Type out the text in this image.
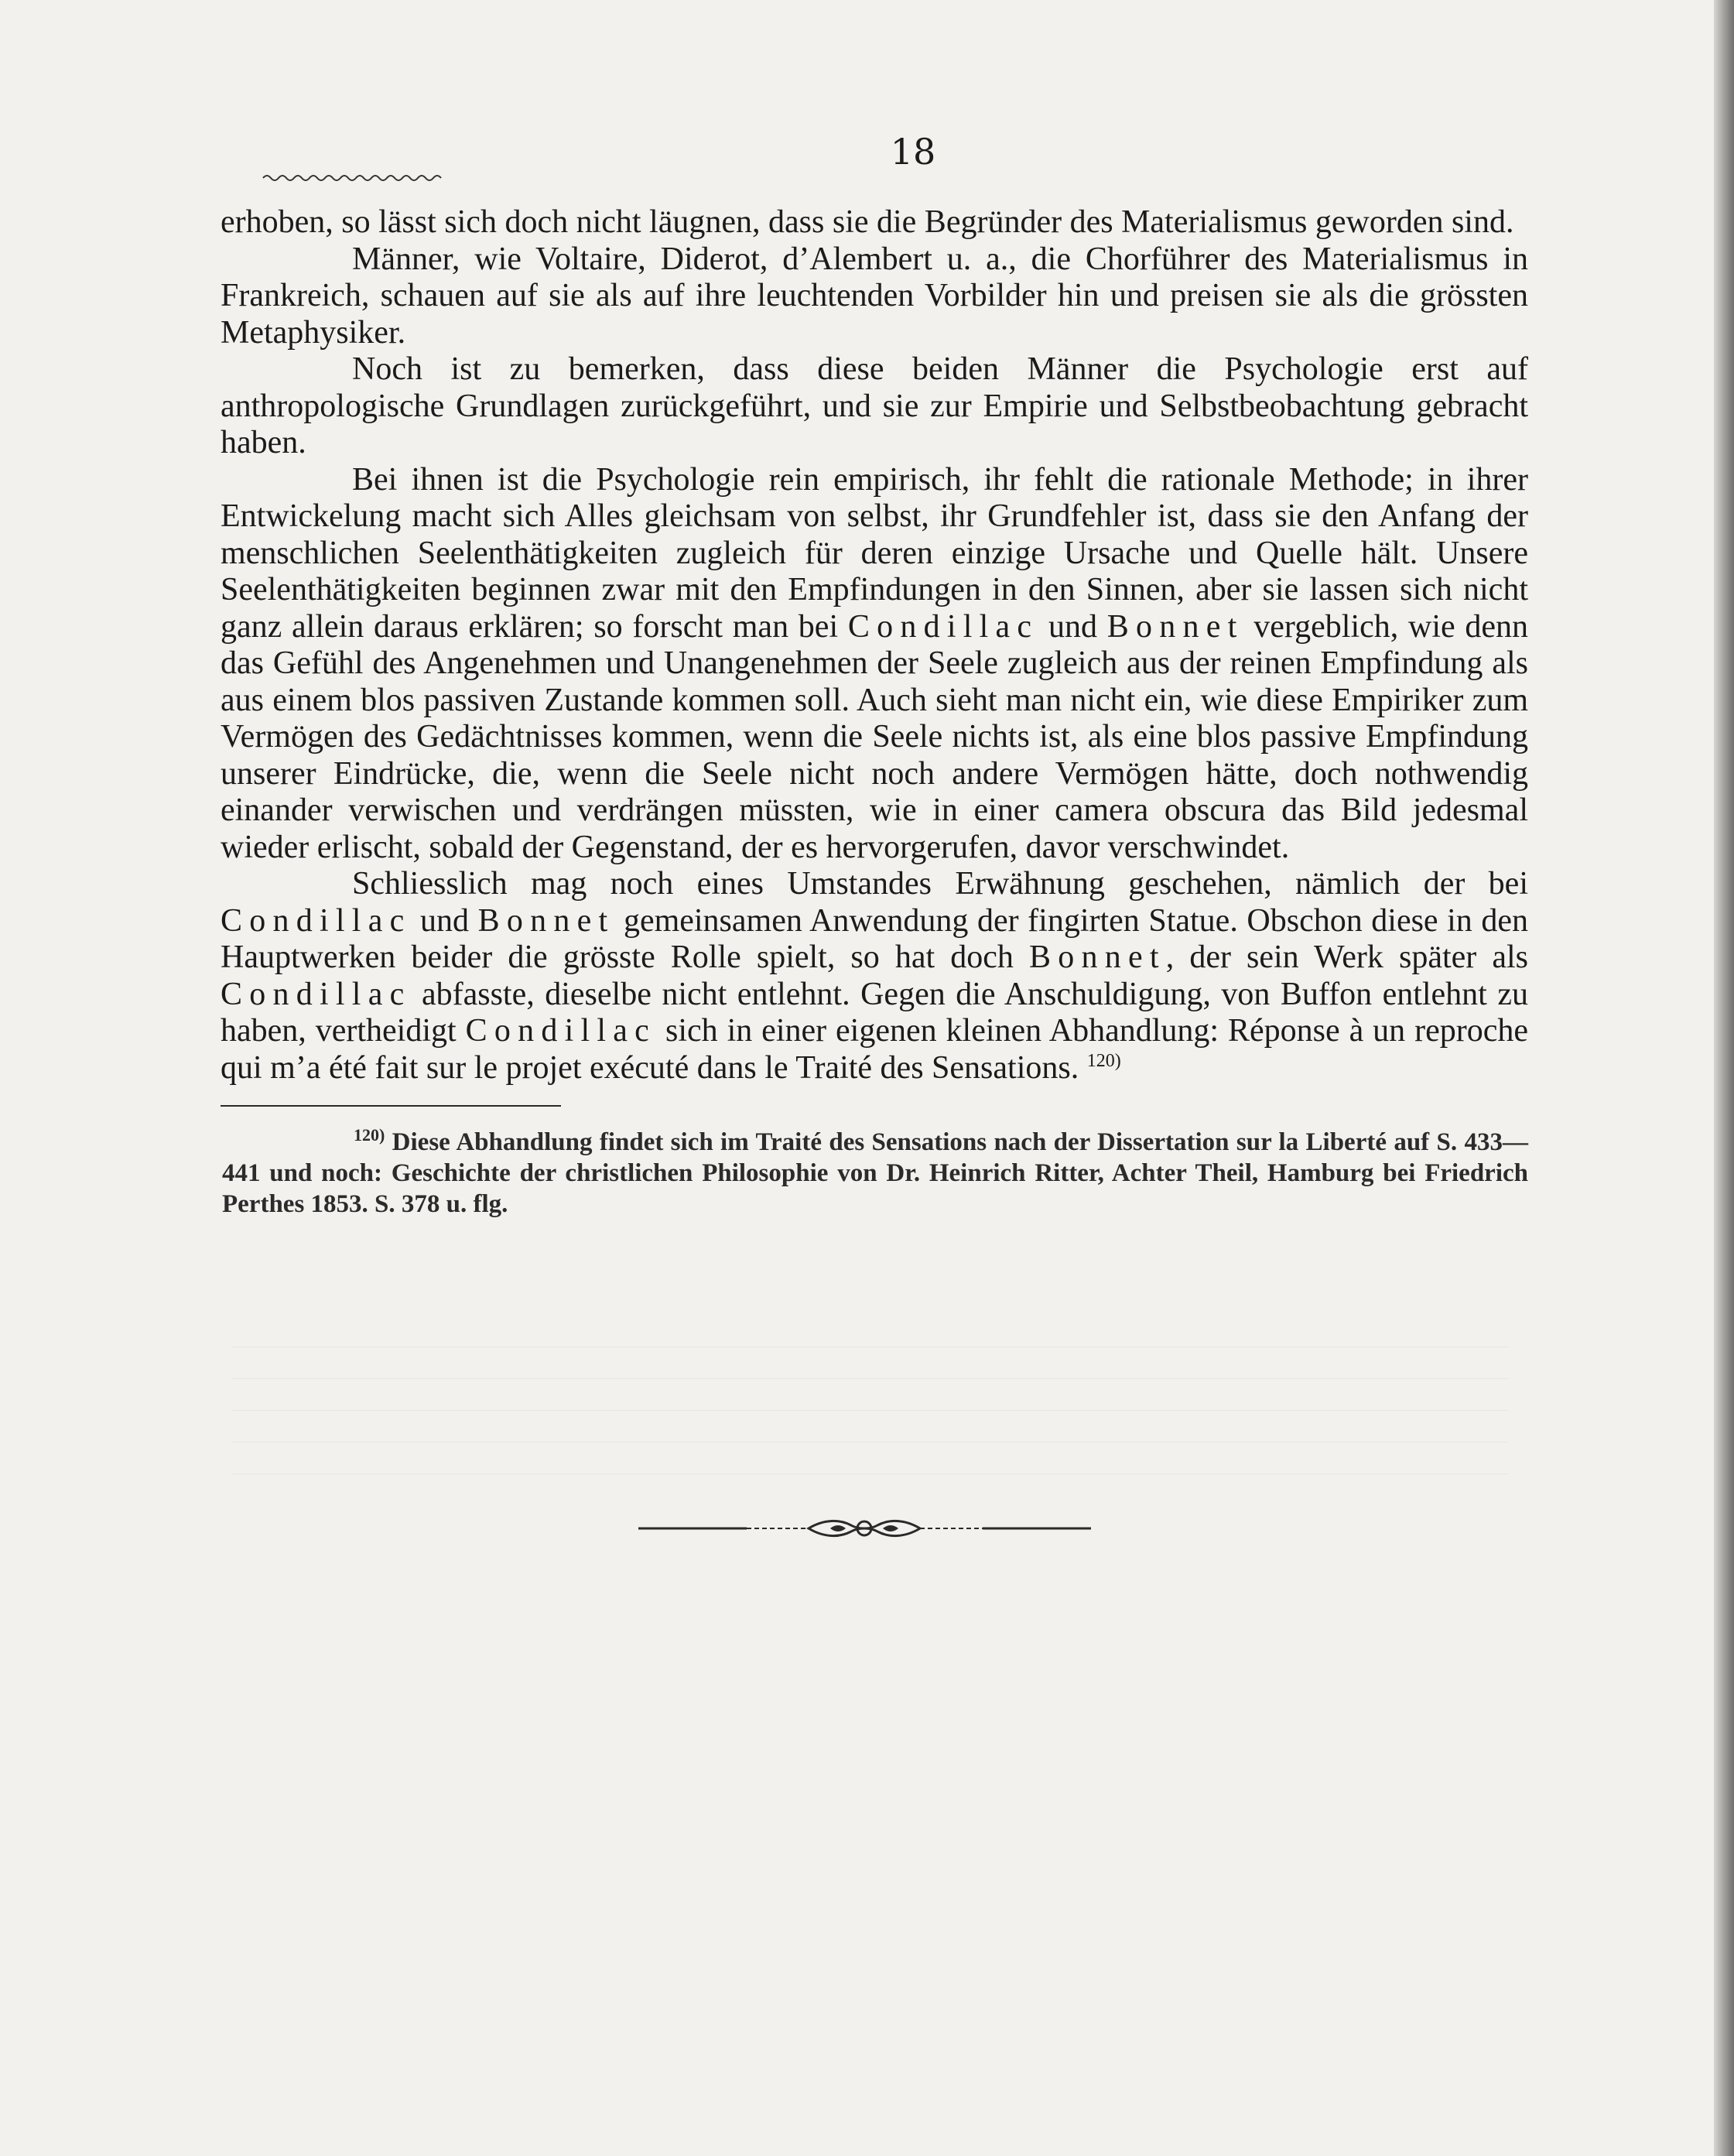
18

erhoben, so lässt sich doch nicht läugnen, dass sie die Begründer des Materialismus geworden sind.

Männer, wie Voltaire, Diderot, d’Alembert u. a., die Chorführer des Materialismus in Frankreich, schauen auf sie als auf ihre leuchtenden Vorbilder hin und preisen sie als die grössten Metaphysiker.

Noch ist zu bemerken, dass diese beiden Männer die Psychologie erst auf anthropologische Grundlagen zurückgeführt, und sie zur Empirie und Selbstbeobachtung gebracht haben.

Bei ihnen ist die Psychologie rein empirisch, ihr fehlt die rationale Methode; in ihrer Entwickelung macht sich Alles gleichsam von selbst, ihr Grundfehler ist, dass sie den Anfang der menschlichen Seelenthätigkeiten zugleich für deren einzige Ursache und Quelle hält. Unsere Seelenthätigkeiten beginnen zwar mit den Empfindungen in den Sinnen, aber sie lassen sich nicht ganz allein daraus erklären; so forscht man bei Condillac und Bonnet vergeblich, wie denn das Gefühl des Angenehmen und Unangenehmen der Seele zugleich aus der reinen Empfindung als aus einem blos passiven Zustande kommen soll. Auch sieht man nicht ein, wie diese Empiriker zum Vermögen des Gedächtnisses kommen, wenn die Seele nichts ist, als eine blos passive Empfindung unserer Eindrücke, die, wenn die Seele nicht noch andere Vermögen hätte, doch nothwendig einander verwischen und verdrängen müssten, wie in einer camera obscura das Bild jedesmal wieder erlischt, sobald der Gegenstand, der es hervorgerufen, davor verschwindet.

Schliesslich mag noch eines Umstandes Erwähnung geschehen, nämlich der bei Condillac und Bonnet gemeinsamen Anwendung der fingirten Statue. Obschon diese in den Hauptwerken beider die grösste Rolle spielt, so hat doch Bonnet, der sein Werk später als Condillac abfasste, dieselbe nicht entlehnt. Gegen die Anschuldigung, von Buffon entlehnt zu haben, vertheidigt Condillac sich in einer eigenen kleinen Abhandlung: Réponse à un reproche qui m’a été fait sur le projet exécuté dans le Traité des Sensations. $^{120)}$

$^{120)}$ Diese Abhandlung findet sich im Traité des Sensations nach der Dissertation sur la Liberté auf S. 433—441 und noch: Geschichte der christlichen Philosophie von Dr. Heinrich Ritter, Achter Theil, Hamburg bei Friedrich Perthes 1853. S. 378 u. flg.
